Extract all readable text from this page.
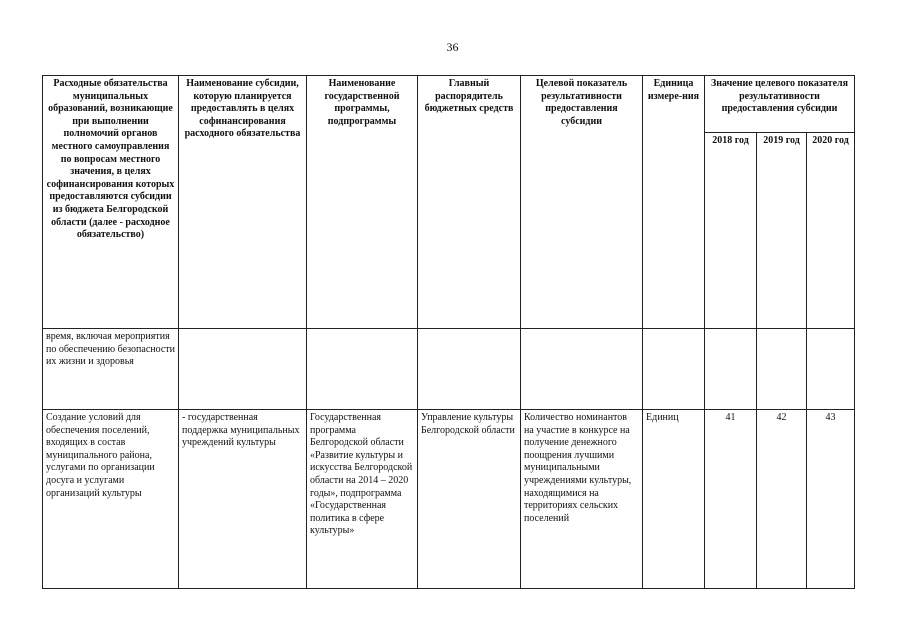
36
Расходные обязательства муниципальных образований, возникающие при выполнении полномочий органов местного самоуправления по вопросам местного значения, в целях софинансирования которых предоставляются субсидии из бюджета Белгородской области (далее - расходное обязательство)	Наименование субсидии, которую планируется предоставлять в целях софинансирования расходного обязательства	Наименование государственной программы, подпрограммы	Главный распорядитель бюджетных средств	Целевой показатель результативности предоставления субсидии	Единица измере-ния	Значение целевого показателя результативности предоставления субсидии		
						2018 год	2019 год	2020 год
время, включая мероприятия по обеспечению безопасности их жизни и здоровья								
Создание условий для обеспечения поселений, входящих в состав муниципального района, услугами по организации досуга и услугами организаций культуры	- государственная поддержка муниципальных учреждений культуры	Государственная программа Белгородской области «Развитие культуры и искусства Белгородской области на 2014 – 2020 годы», подпрограмма «Государственная политика в сфере культуры»	Управление культуры Белгородской области	Количество номинантов на участие в конкурсе на получение денежного поощрения лучшими муниципальными учреждениями культуры, находящимися на территориях сельских поселений	Единиц	41	42	43
